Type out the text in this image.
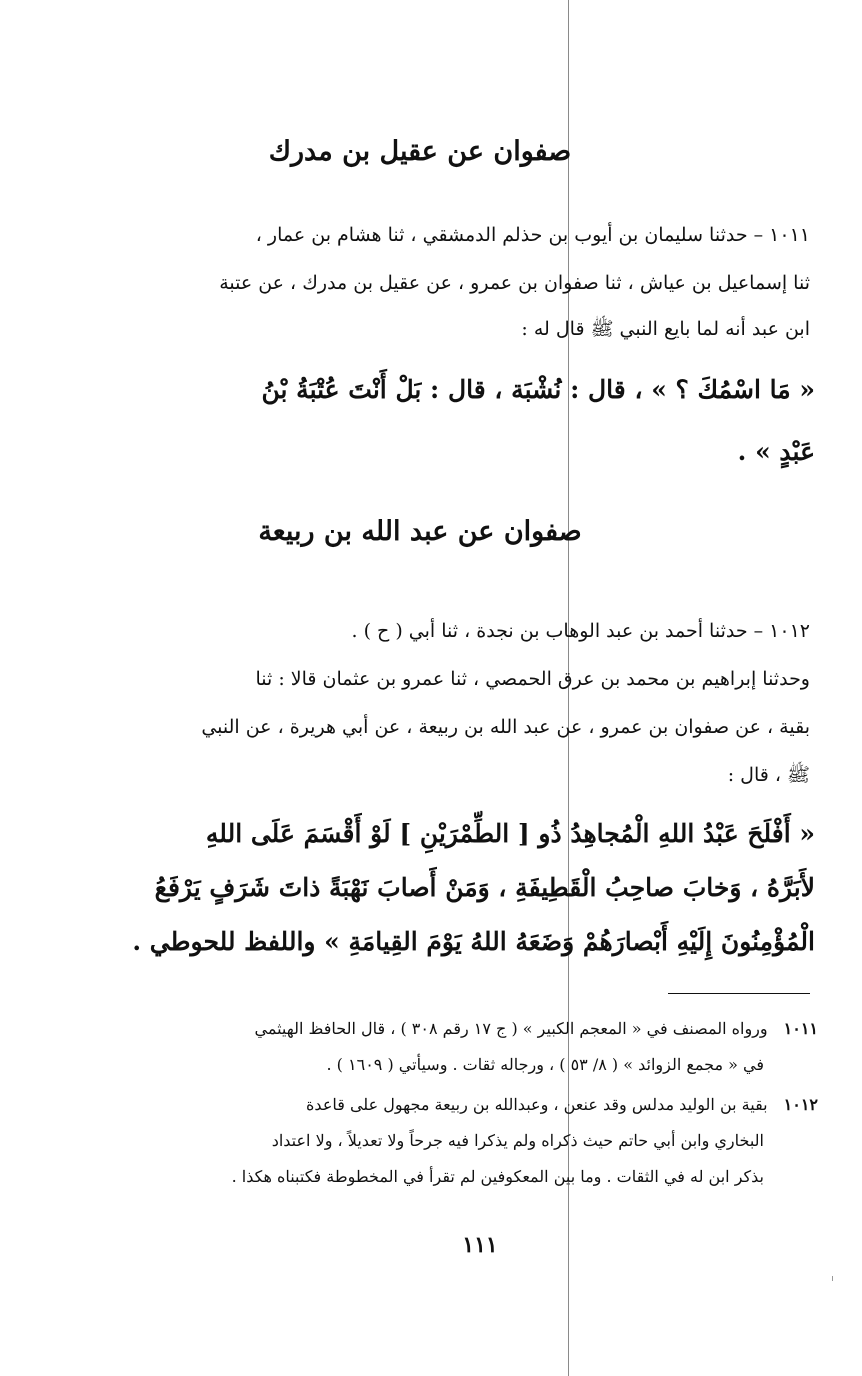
صفوان عن عقيل بن مدرك
١٠١١ – حدثنا سليمان بن أيوب بن حذلم الدمشقي ، ثنا هشام بن عمار ،
ثنا إسماعيل بن عياش ، ثنا صفوان بن عمرو ، عن عقيل بن مدرك ، عن عتبة
ابن عبد أنه لما بايع النبي ﷺ قال له :
« مَا اسْمُكَ ؟ » ، قال : نُشْبَة ، قال : بَلْ أَنْتَ عُتْبَةُ بْنُ
عَبْدٍ » .
صفوان عن عبد الله بن ربيعة
١٠١٢ – حدثنا أحمد بن عبد الوهاب بن نجدة ، ثنا أبي ( ح ) .
وحدثنا إبراهيم بن محمد بن عرق الحمصي ، ثنا عمرو بن عثمان قالا : ثنا
بقية ، عن صفوان بن عمرو ، عن عبد الله بن ربيعة ، عن أبي هريرة ، عن النبي
ﷺ ، قال :
« أَفْلَحَ عَبْدُ اللهِ الْمُجاهِدُ ذُو [ الطِّمْرَيْنِ ] لَوْ أَقْسَمَ عَلَى اللهِ
لأَبَرَّهُ ، وَخابَ صاحِبُ الْقَطِيفَةِ ، وَمَنْ أَصابَ نَهْبَةً ذاتَ شَرَفٍ يَرْفَعُ
الْمُؤْمِنُونَ إِلَيْهِ أَبْصارَهُمْ وَضَعَهُ اللهُ يَوْمَ القِيامَةِ » واللفظ للحوطي .
١٠١١ورواه المصنف في « المعجم الكبير » ( ج ١٧ رقم ٣٠٨ ) ، قال الحافظ الهيثمي
في « مجمع الزوائد » ( ٨/ ٥٣ ) ، ورجاله ثقات . وسيأتي ( ١٦٠٩ ) .
١٠١٢بقية بن الوليد مدلس وقد عنعن ، وعبدالله بن ربيعة مجهول على قاعدة
البخاري وابن أبي حاتم حيث ذكراه ولم يذكرا فيه جرحاً ولا تعديلاً ، ولا اعتداد
بذكر ابن له في الثقات . وما بين المعكوفين لم تقرأ في المخطوطة فكتبناه هكذا .
١١١
